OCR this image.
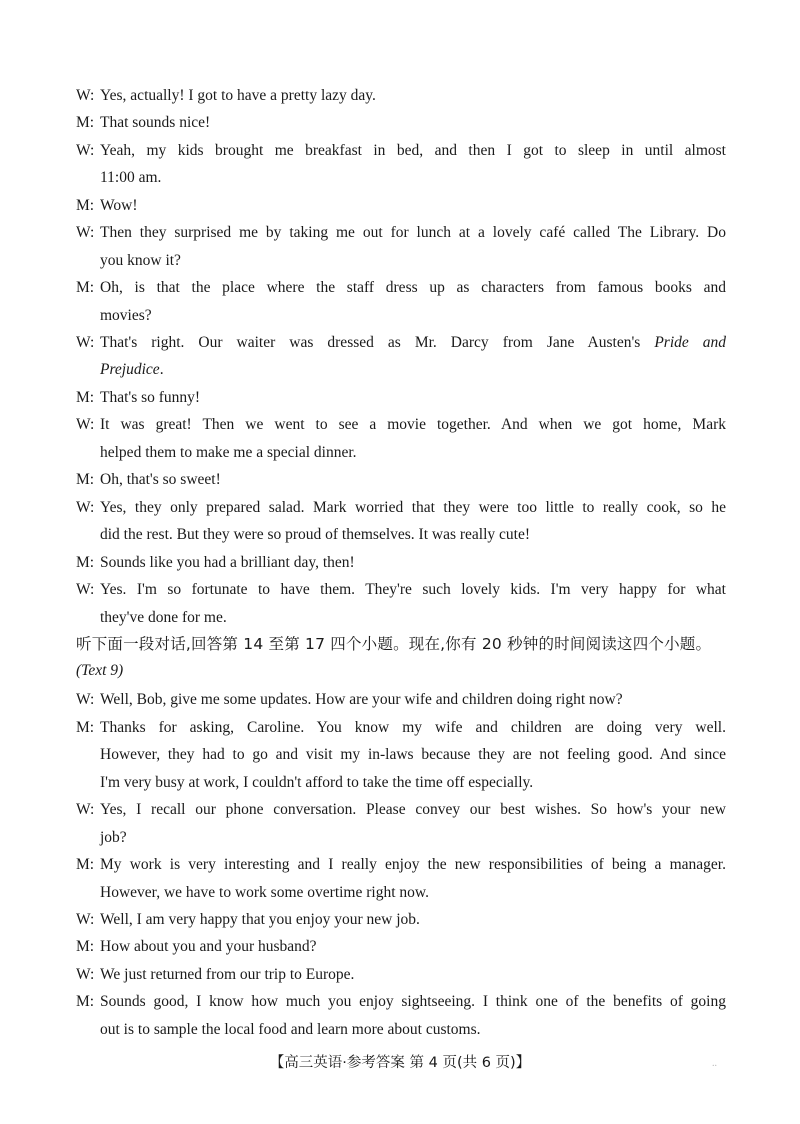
W: Yes, actually! I got to have a pretty lazy day.
M: That sounds nice!
W: Yeah, my kids brought me breakfast in bed, and then I got to sleep in until almost
11:00 am.
M: Wow!
W: Then they surprised me by taking me out for lunch at a lovely café called The Library. Do
you know it?
M: Oh, is that the place where the staff dress up as characters from famous books and
movies?
W: That's right. Our waiter was dressed as Mr. Darcy from Jane Austen's Pride and
Prejudice.
M: That's so funny!
W: It was great! Then we went to see a movie together. And when we got home, Mark
helped them to make me a special dinner.
M: Oh, that's so sweet!
W: Yes, they only prepared salad. Mark worried that they were too little to really cook, so he
did the rest. But they were so proud of themselves. It was really cute!
M: Sounds like you had a brilliant day, then!
W: Yes. I'm so fortunate to have them. They're such lovely kids. I'm very happy for what
they've done for me.
听下面一段对话,回答第 14 至第 17 四个小题。现在,你有 20 秒钟的时间阅读这四个小题。
(Text 9)
W: Well, Bob, give me some updates. How are your wife and children doing right now?
M: Thanks for asking, Caroline. You know my wife and children are doing very well.
However, they had to go and visit my in-laws because they are not feeling good. And since
I'm very busy at work, I couldn't afford to take the time off especially.
W: Yes, I recall our phone conversation. Please convey our best wishes. So how's your new
job?
M: My work is very interesting and I really enjoy the new responsibilities of being a manager.
However, we have to work some overtime right now.
W: Well, I am very happy that you enjoy your new job.
M: How about you and your husband?
W: We just returned from our trip to Europe.
M: Sounds good, I know how much you enjoy sightseeing. I think one of the benefits of going
out is to sample the local food and learn more about customs.
【高三英语·参考答案 第 4 页(共 6 页)】	..
